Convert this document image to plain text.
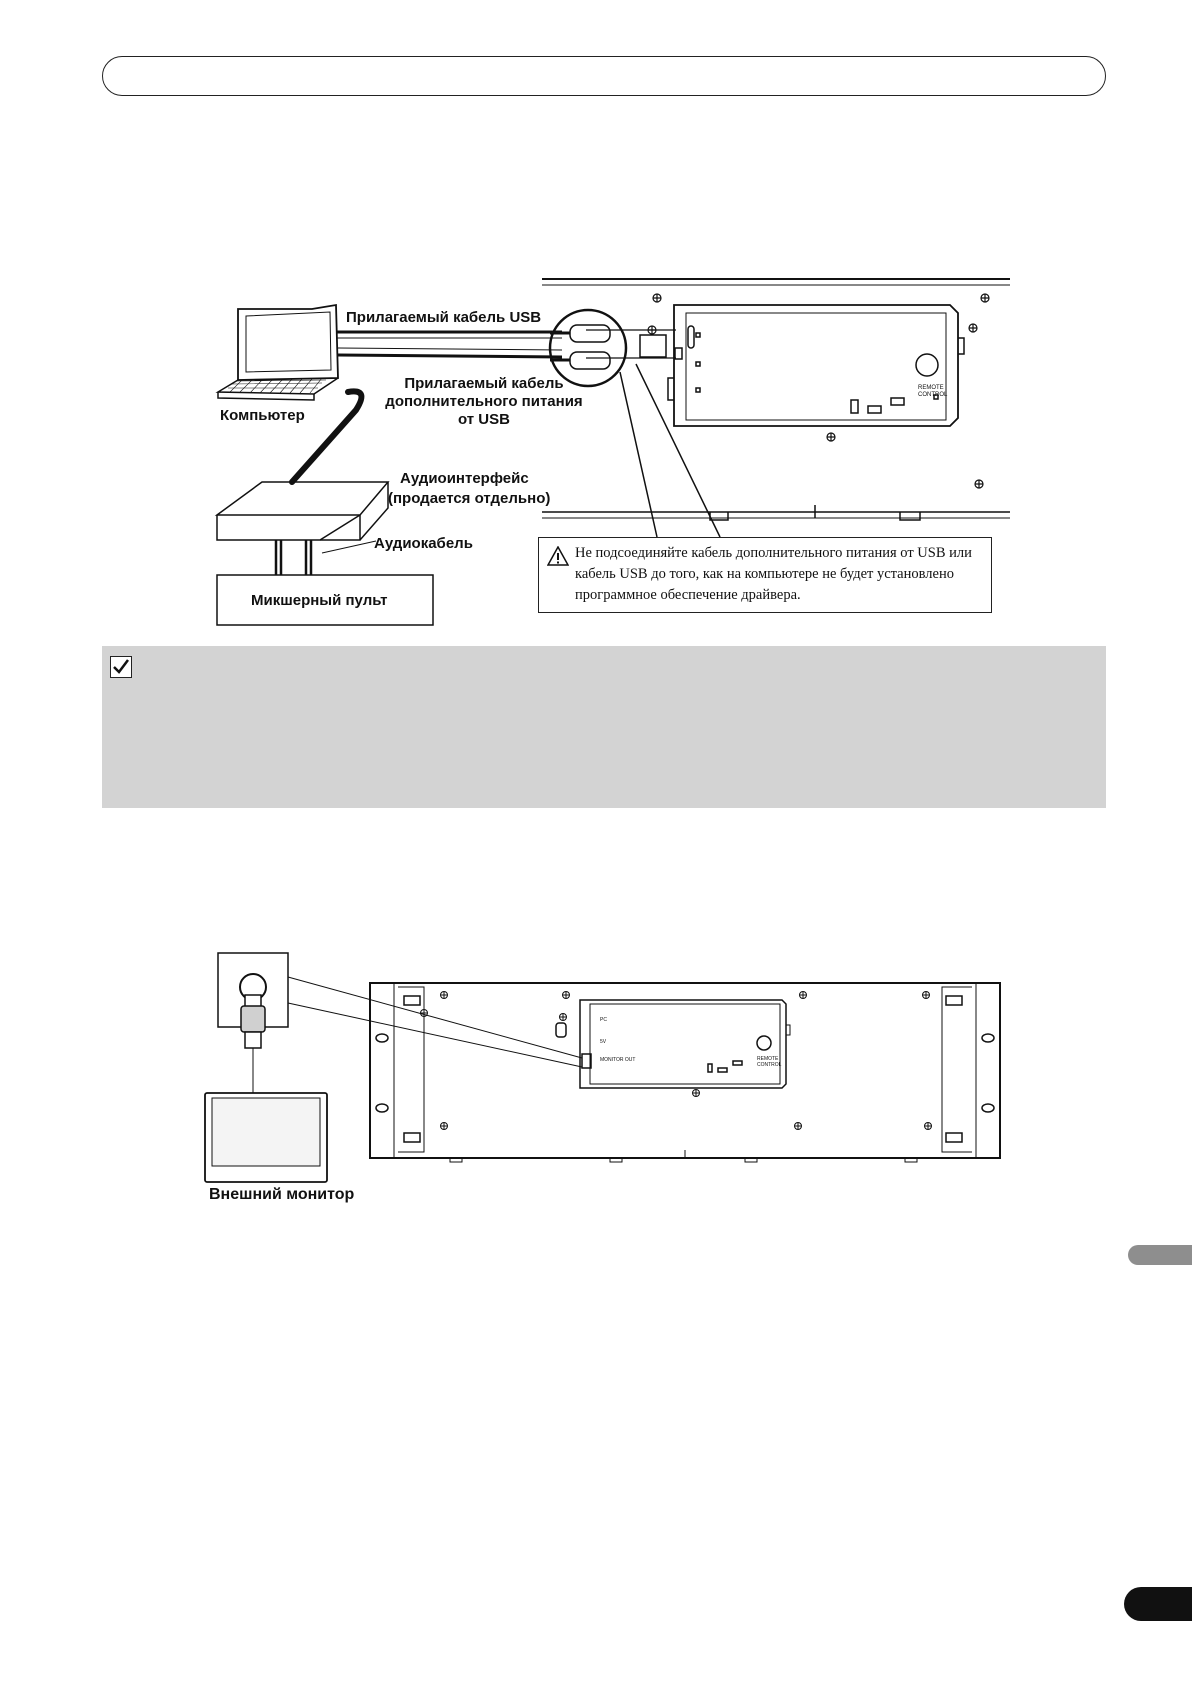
Прилагаемый кабель USB
Прилагаемый кабель
дополнительного питания
от USB
Компьютер
Аудиоинтерфейс
(продается отдельно)
Аудиокабель
Микшерный пульт
REMOTE
CONTROL
Не подсоединяйте кабель дополнительного питания от USB или кабель USB до того, как на компьютере не будет установлено программное обеспечение драйвера.
PC
5V
MONITOR OUT	REMOTE
CONTROL
Внешний монитор
